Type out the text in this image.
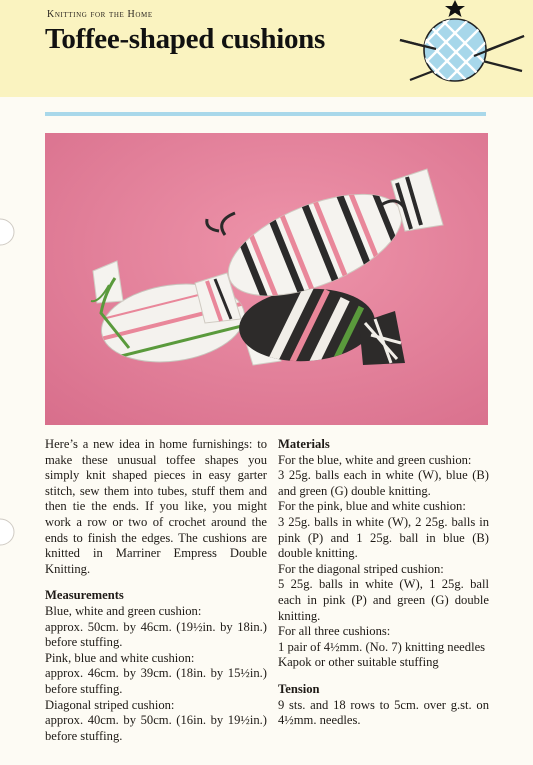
Knitting for the Home
Toffee-shaped cushions

Here’s a new idea in home furnishings: to make these unusual toffee shapes you simply knit shaped pieces in easy garter stitch, sew them into tubes, stuff them and then tie the ends. If you like, you might work a row or two of crochet around the ends to finish the edges. The cushions are knitted in Marriner Empress Double Knitting.

Measurements

Blue, white and green cushion:

approx. 50cm. by 46cm. (19½in. by 18in.) before stuffing.

Pink, blue and white cushion:

approx. 46cm. by 39cm. (18in. by 15½in.) before stuffing.

Diagonal striped cushion:

approx. 40cm. by 50cm. (16in. by 19½in.) before stuffing.

Materials

For the blue, white and green cushion:

3 25g. balls each in white (W), blue (B) and green (G) double knitting.

For the pink, blue and white cushion:

3 25g. balls in white (W), 2 25g. balls in pink (P) and 1 25g. ball in blue (B) double knitting.

For the diagonal striped cushion:

5 25g. balls in white (W), 1 25g. ball each in pink (P) and green (G) double knitting.

For all three cushions:

1 pair of 4½mm. (No. 7) knitting needles

Kapok or other suitable stuffing

Tension

9 sts. and 18 rows to 5cm. over g.st. on 4½mm. needles.
